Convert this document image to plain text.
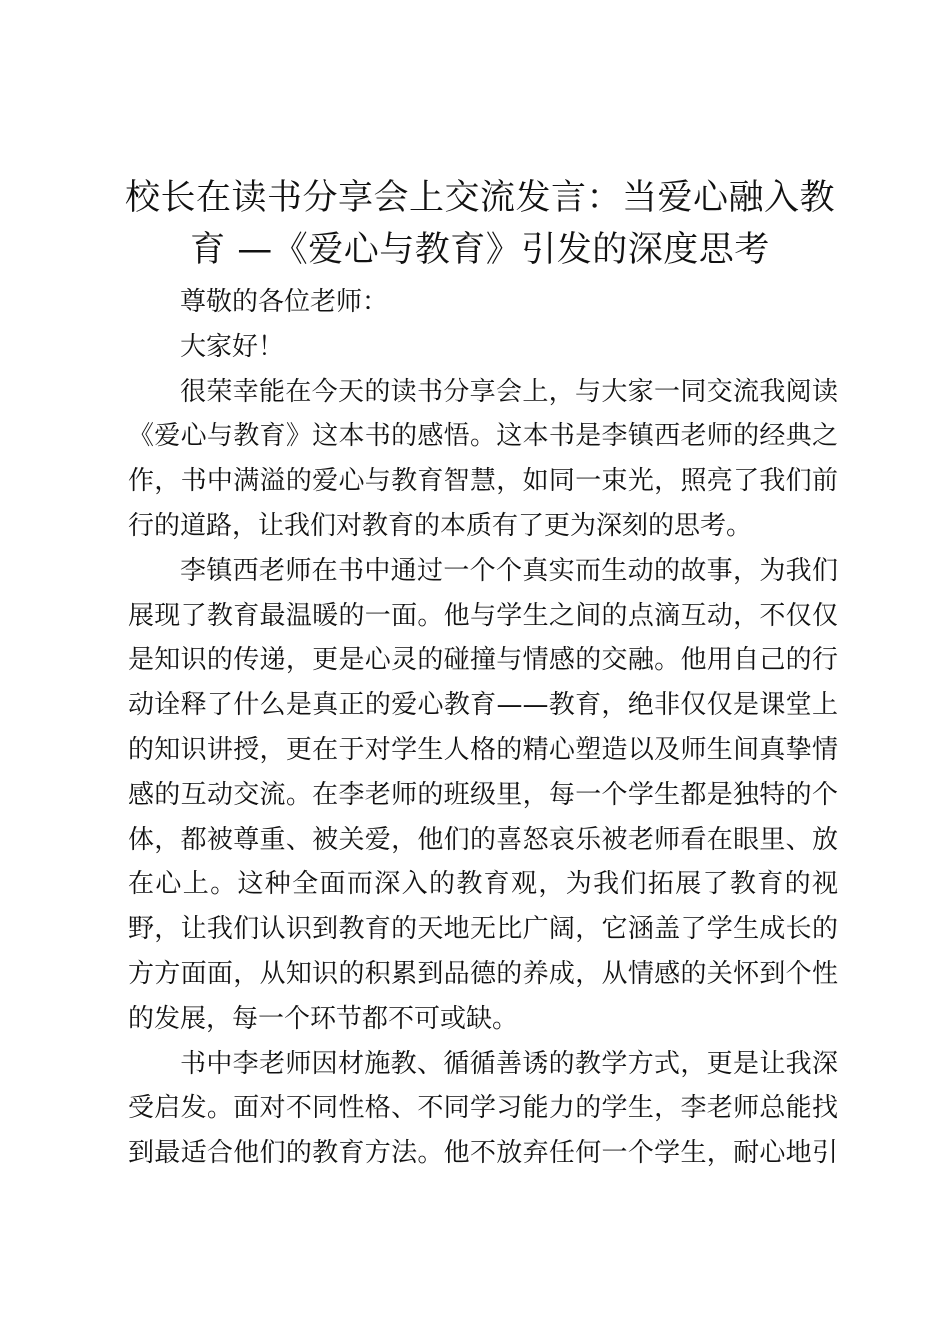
校长在读书分享会上交流发言：当爱心融入教
育 —《爱心与教育》引发的深度思考

尊敬的各位老师：

大家好！

很荣幸能在今天的读书分享会上，与大家一同交流我阅读《爱心与教育》这本书的感悟。这本书是李镇西老师的经典之作，书中满溢的爱心与教育智慧，如同一束光，照亮了我们前行的道路，让我们对教育的本质有了更为深刻的思考。

李镇西老师在书中通过一个个真实而生动的故事，为我们展现了教育最温暖的一面。他与学生之间的点滴互动，不仅仅是知识的传递，更是心灵的碰撞与情感的交融。他用自己的行动诠释了什么是真正的爱心教育——教育，绝非仅仅是课堂上的知识讲授，更在于对学生人格的精心塑造以及师生间真挚情感的互动交流。在李老师的班级里，每一个学生都是独特的个体，都被尊重、被关爱，他们的喜怒哀乐被老师看在眼里、放在心上。这种全面而深入的教育观，为我们拓展了教育的视野，让我们认识到教育的天地无比广阔，它涵盖了学生成长的方方面面，从知识的积累到品德的养成，从情感的关怀到个性的发展，每一个环节都不可或缺。

书中李老师因材施教、循循善诱的教学方式，更是让我深受启发。面对不同性格、不同学习能力的学生，李老师总能找到最适合他们的教育方法。他不放弃任何一个学生，耐心地引
